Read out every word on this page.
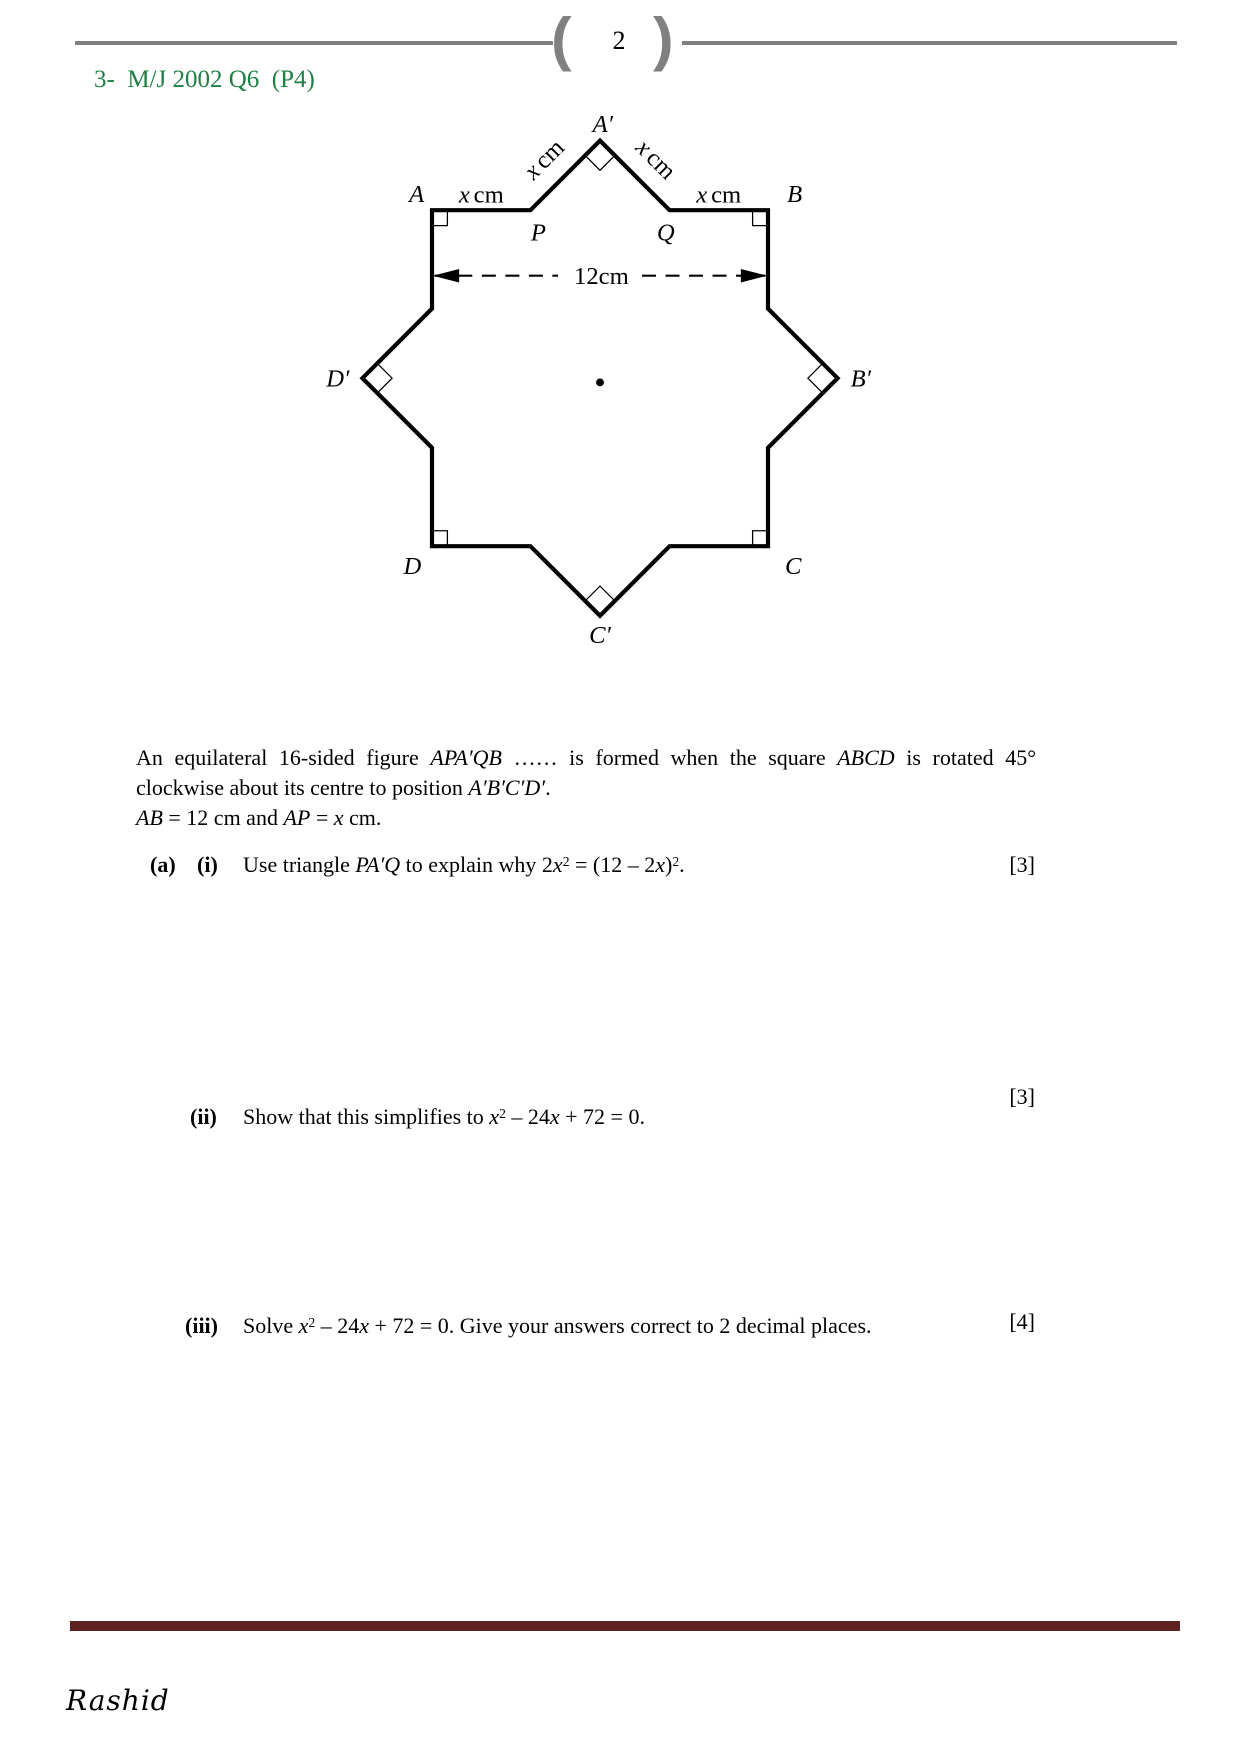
(	2 )
3-  M/J 2002 Q6  (P4)
An equilateral 16-sided figure APA′QB …… is formed when the square ABCD is rotated 45° clockwise about its centre to position A′B′C′D′.
AB = 12 cm and AP = x cm.
(a) (i) Use triangle PA′Q to explain why $2x^2 = (12 - 2x)^2$.	[3]
(ii) Show that this simplifies to $x^2 - 24x + 72 = 0$.
[3]
(iii) Solve $x^2 - 24x + 72 = 0$. Give your answers correct to 2 decimal places.	[4]
Rashid
